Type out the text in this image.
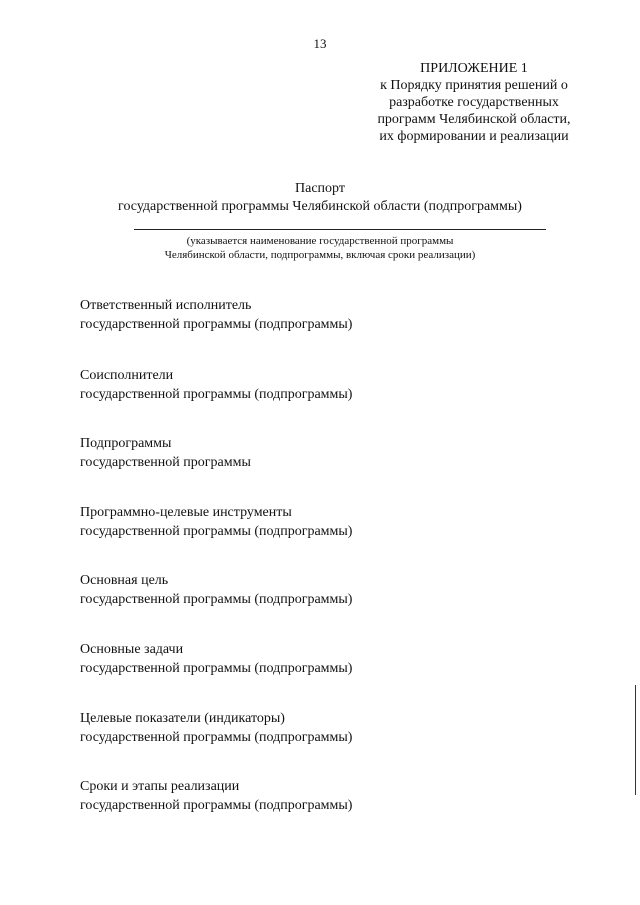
13
ПРИЛОЖЕНИЕ 1
к Порядку принятия решений о
разработке государственных
программ Челябинской области,
их формировании и реализации
Паспорт
государственной программы Челябинской области (подпрограммы)
(указывается наименование государственной программы
Челябинской области, подпрограммы, включая сроки реализации)
Ответственный исполнитель
государственной программы (подпрограммы)
Соисполнители
государственной программы (подпрограммы)
Подпрограммы
государственной программы
Программно-целевые инструменты
государственной программы (подпрограммы)
Основная цель
государственной программы (подпрограммы)
Основные задачи
государственной программы (подпрограммы)
Целевые показатели (индикаторы)
государственной программы (подпрограммы)
Сроки и этапы реализации
государственной программы (подпрограммы)
